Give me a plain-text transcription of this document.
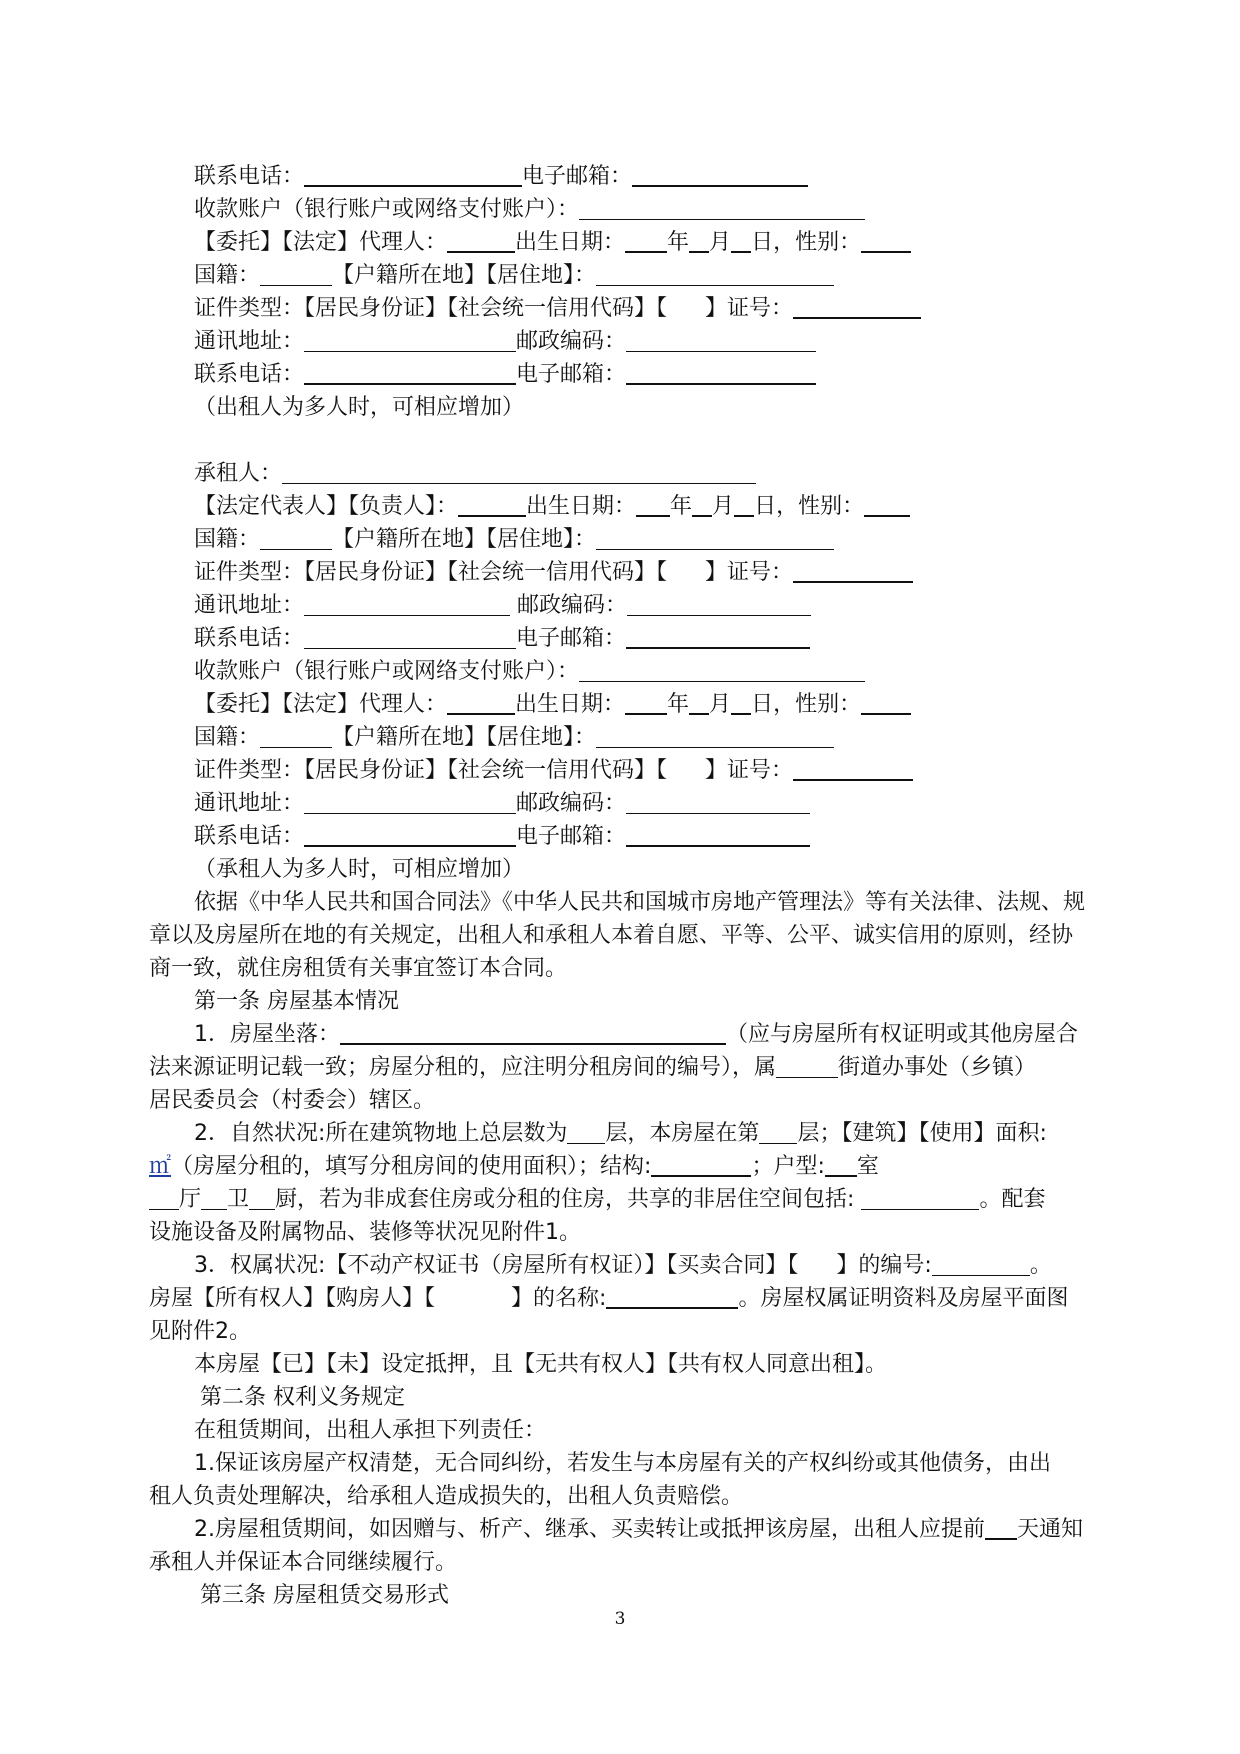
联系电话：	电子邮箱：
收款账户（银行账户或网络支付账户）：
【委托】【法定】代理人：	出生日期： 年 月 日，性别：
国籍：	【户籍所在地】【居住地】：
证件类型：【居民身份证】【社会统一信用代码】【 】证号：
通讯地址：	邮政编码：
联系电话：	电子邮箱：
（出租人为多人时，可相应增加）
承租人：
【法定代表人】【负责人】：	出生日期： 年 月 日，性别：
国籍：	【户籍所在地】【居住地】：
证件类型：【居民身份证】【社会统一信用代码】【 】证号：
通讯地址：	邮政编码：
联系电话：	电子邮箱：
收款账户（银行账户或网络支付账户）：
【委托】【法定】代理人：	出生日期： 年 月 日，性别：
国籍：	【户籍所在地】【居住地】：
证件类型：【居民身份证】【社会统一信用代码】【 】证号：
通讯地址：	邮政编码：
联系电话：	电子邮箱：
（承租人为多人时，可相应增加）
依据《中华人民共和国合同法》《中华人民共和国城市房地产管理法》等有关法律、法规、规
章以及房屋所在地的有关规定，出租人和承租人本着自愿、平等、公平、诚实信用的原则，经协
商一致，就住房租赁有关事宜签订本合同。
第一条 房屋基本情况
1．房屋坐落：	（应与房屋所有权证明或其他房屋合
法来源证明记载一致；房屋分租的，应注明分租房间的编号），属	街道办事处（乡镇）
居民委员会（村委会）辖区。
2．自然状况:所在建筑物地上总层数为 层，本房屋在第 层；【建筑】【使用】面积:
㎡（房屋分租的，填写分租房间的使用面积）；结构:	；户型: 室
厅 卫 厨，若为非成套住房或分租的住房，共享的非居住空间包括:	。配套
设施设备及附属物品、装修等状况见附件1。
3．权属状况:【不动产权证书（房屋所有权证）】【买卖合同】【 】的编号:	。
房屋【所有权人】【购房人】【	】的名称:	。房屋权属证明资料及房屋平面图
见附件2。
本房屋【已】【未】设定抵押，且【无共有权人】【共有权人同意出租】。
第二条 权利义务规定
在租赁期间，出租人承担下列责任：
1.保证该房屋产权清楚，无合同纠纷，若发生与本房屋有关的产权纠纷或其他债务，由出
租人负责处理解决，给承租人造成损失的，出租人负责赔偿。
2.房屋租赁期间，如因赠与、析产、继承、买卖转让或抵押该房屋，出租人应提前 天通知
承租人并保证本合同继续履行。
第三条 房屋租赁交易形式
3
